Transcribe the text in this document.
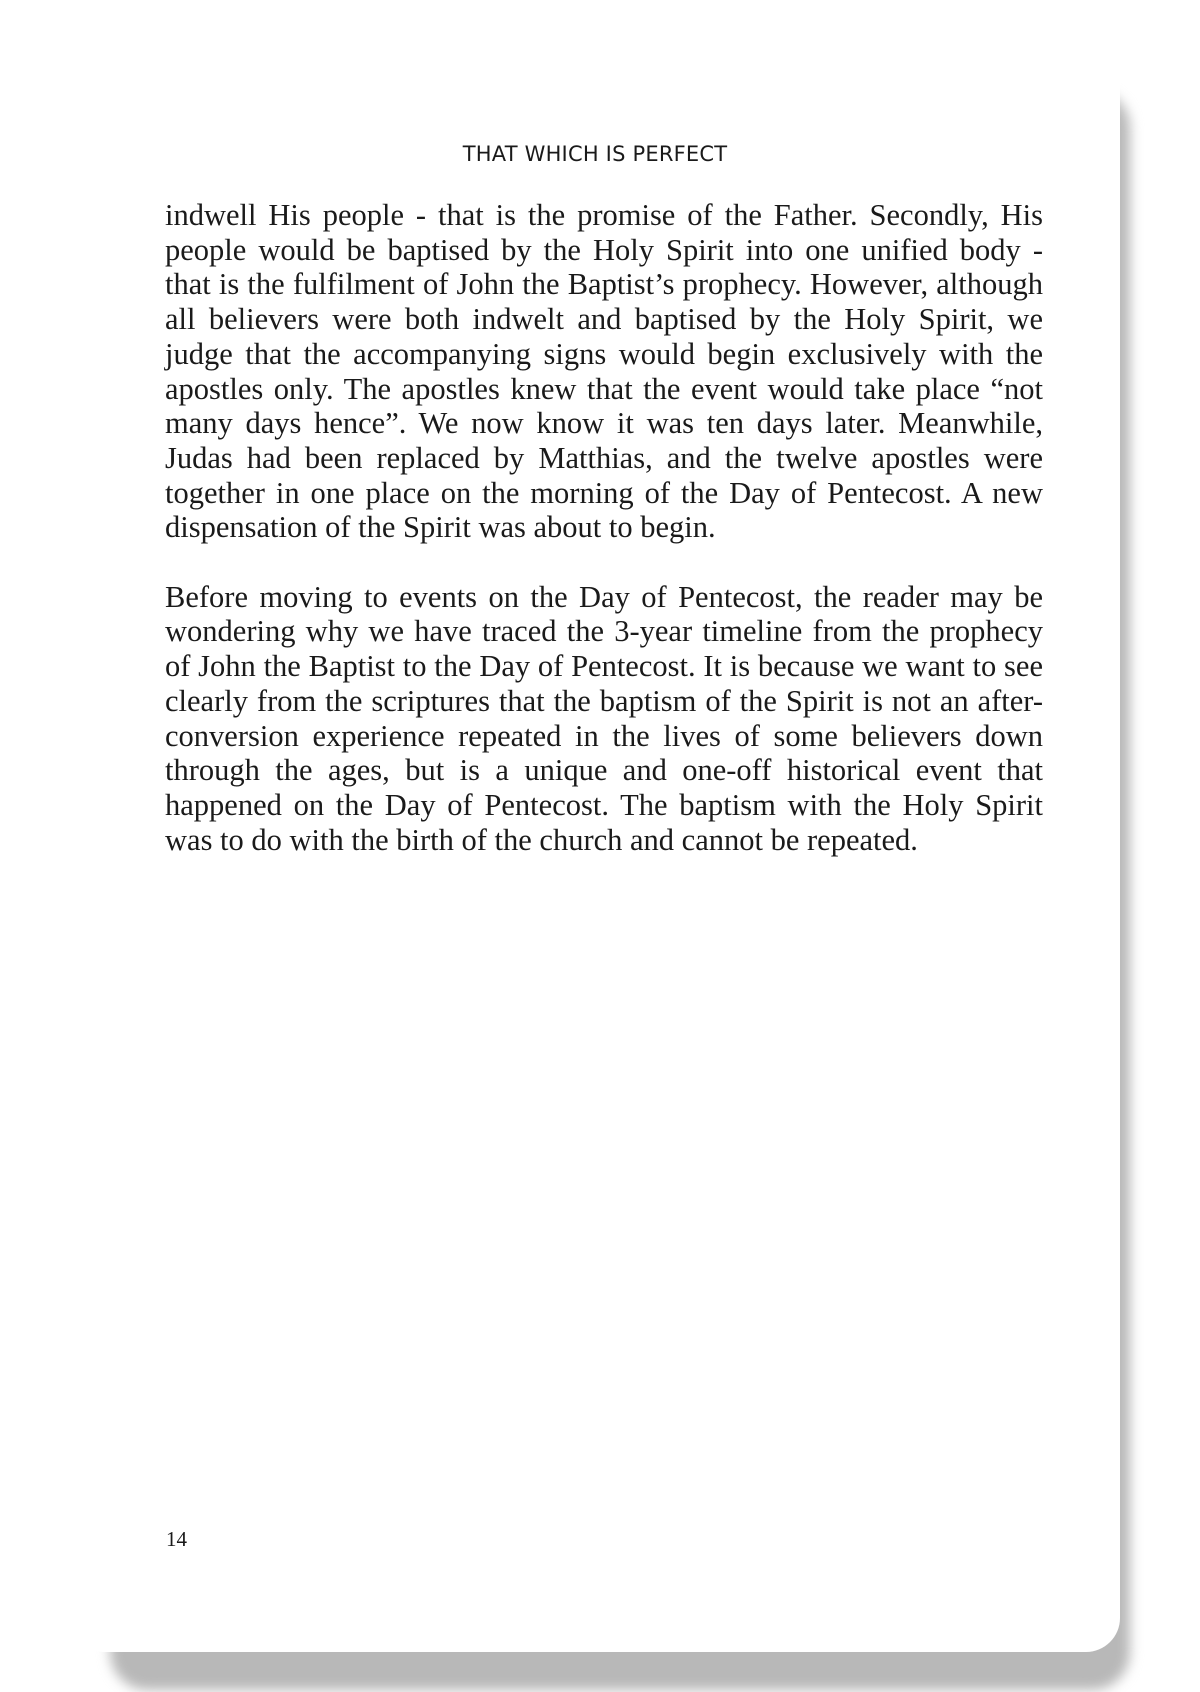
THAT WHICH IS PERFECT

indwell His people - that is the promise of the Father. Secondly, His people would be baptised by the Holy Spirit into one unified body - that is the fulfilment of John the Baptist’s prophecy. However, although all believers were both indwelt and baptised by the Holy Spirit, we judge that the accompanying signs would begin exclusively with the apostles only. The apostles knew that the event would take place “not many days hence”. We now know it was ten days later. Meanwhile, Judas had been replaced by Matthias, and the twelve apostles were together in one place on the morning of the Day of Pentecost. A new dispensation of the Spirit was about to begin.

Before moving to events on the Day of Pentecost, the reader may be wondering why we have traced the 3-year timeline from the prophecy of John the Baptist to the Day of Pentecost. It is because we want to see clearly from the scriptures that the baptism of the Spirit is not an after-conversion experience repeated in the lives of some believers down through the ages, but is a unique and one-off historical event that happened on the Day of Pentecost. The baptism with the Holy Spirit was to do with the birth of the church and cannot be repeated.

14
